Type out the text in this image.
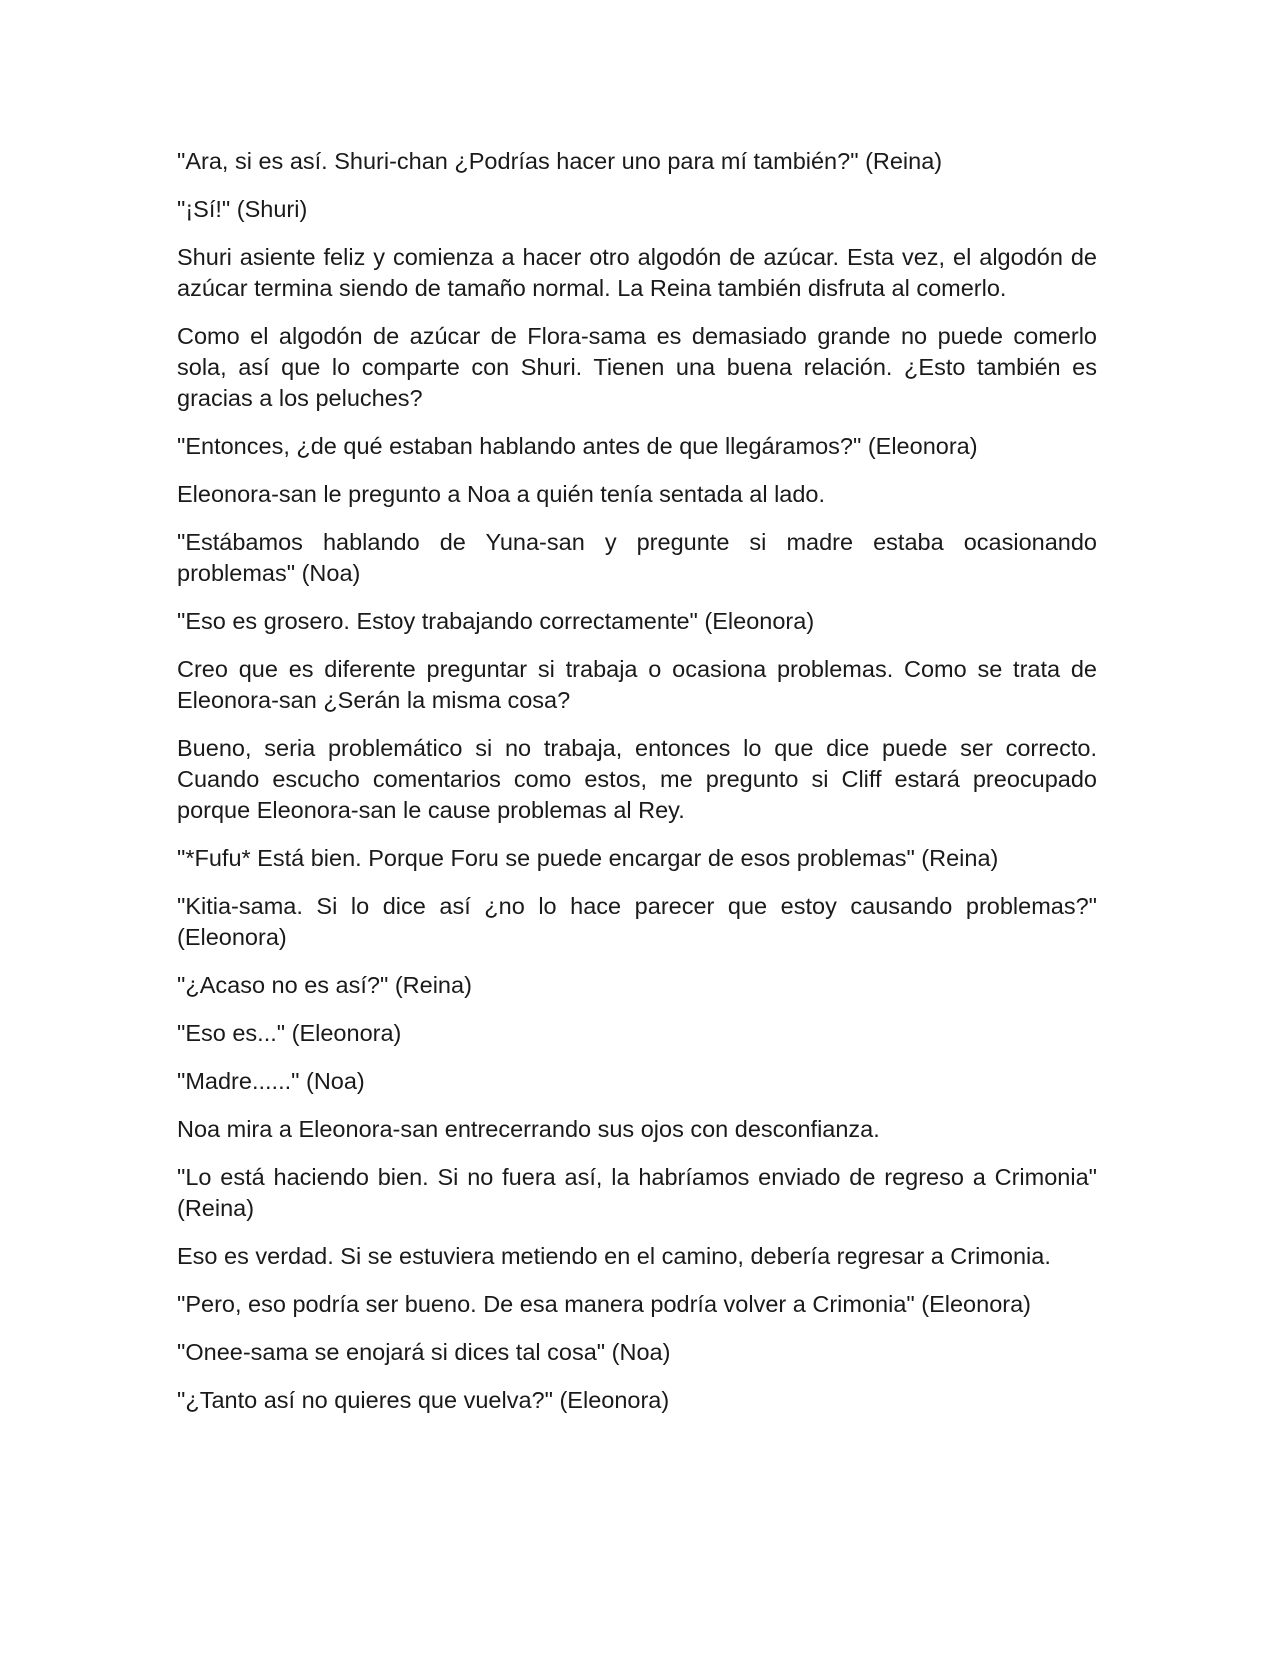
"Ara, si es así. Shuri-chan ¿Podrías hacer uno para mí también?" (Reina)

"¡Sí!" (Shuri)

Shuri asiente feliz y comienza a hacer otro algodón de azúcar. Esta vez, el algodón de azúcar termina siendo de tamaño normal. La Reina también disfruta al comerlo.

Como el algodón de azúcar de Flora-sama es demasiado grande no puede comerlo sola, así que lo comparte con Shuri. Tienen una buena relación. ¿Esto también es gracias a los peluches?

"Entonces, ¿de qué estaban hablando antes de que llegáramos?" (Eleonora)

Eleonora-san le pregunto a Noa a quién tenía sentada al lado.

"Estábamos hablando de Yuna-san y pregunte si madre estaba ocasionando problemas" (Noa)

"Eso es grosero. Estoy trabajando correctamente" (Eleonora)

Creo que es diferente preguntar si trabaja o ocasiona problemas. Como se trata de Eleonora-san ¿Serán la misma cosa?

Bueno, seria problemático si no trabaja, entonces lo que dice puede ser correcto. Cuando escucho comentarios como estos, me pregunto si Cliff estará preocupado porque Eleonora-san le cause problemas al Rey.

"*Fufu* Está bien. Porque Foru se puede encargar de esos problemas" (Reina)

"Kitia-sama. Si lo dice así ¿no lo hace parecer que estoy causando problemas?" (Eleonora)

"¿Acaso no es así?" (Reina)

"Eso es..." (Eleonora)

"Madre......" (Noa)

Noa mira a Eleonora-san entrecerrando sus ojos con desconfianza.

"Lo está haciendo bien. Si no fuera así, la habríamos enviado de regreso a Crimonia" (Reina)

Eso es verdad. Si se estuviera metiendo en el camino, debería regresar a Crimonia.

"Pero, eso podría ser bueno. De esa manera podría volver a Crimonia" (Eleonora)

"Onee-sama se enojará si dices tal cosa" (Noa)

"¿Tanto así no quieres que vuelva?" (Eleonora)
